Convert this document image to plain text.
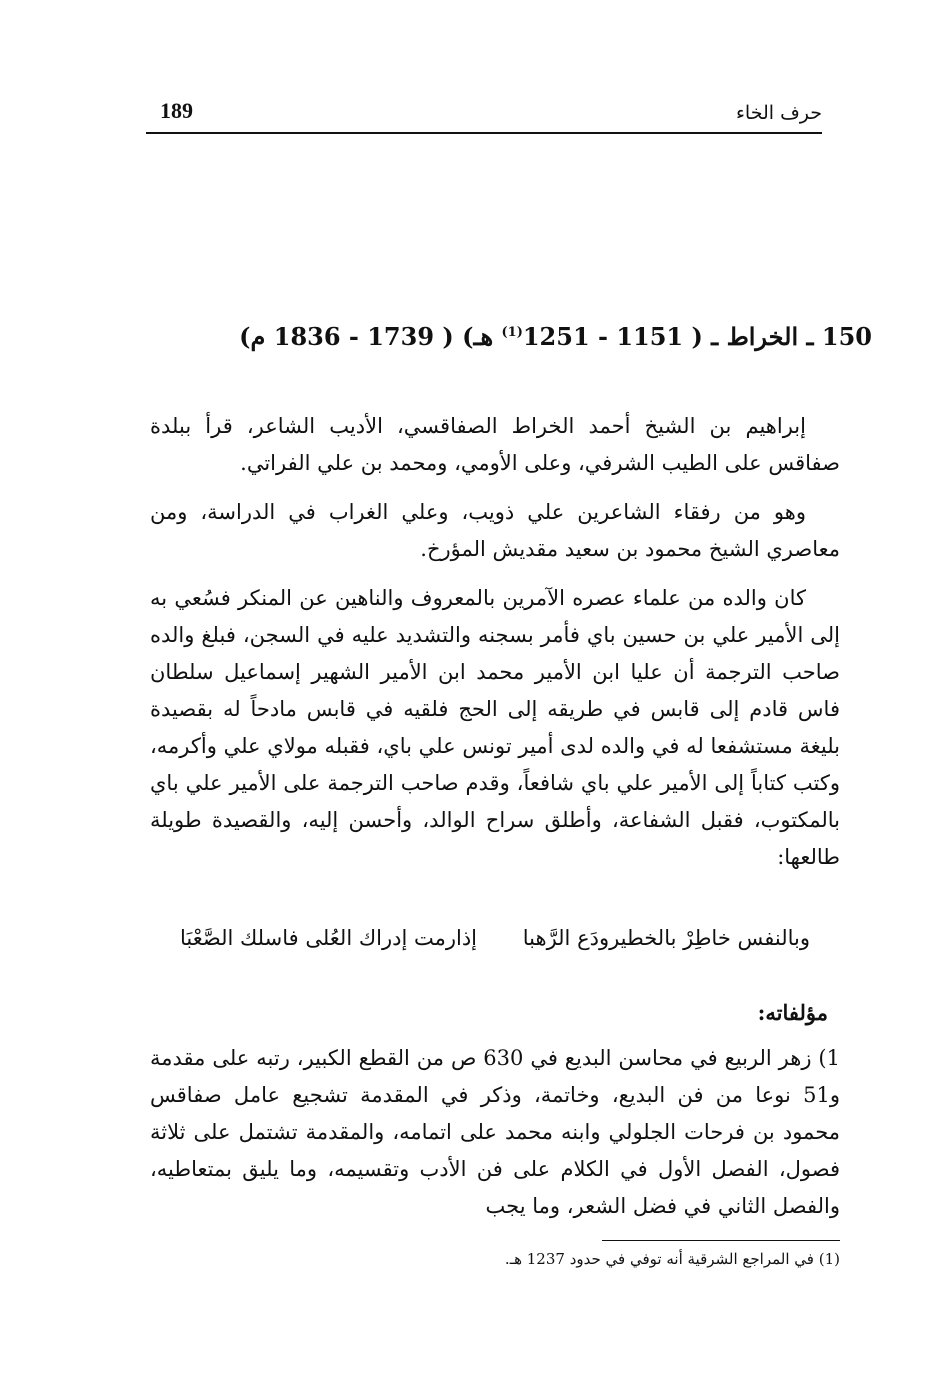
189	حرف الخاء
150 ـ الخراط ـ ( 1151 - 1251$^{(1)}$ هـ) ( 1739 - 1836 م)

إبراهيم بن الشيخ أحمد الخراط الصفاقسي، الأديب الشاعر، قرأ ببلدة صفاقس على الطيب الشرفي، وعلى الأومي، ومحمد بن علي الفراتي.

وهو من رفقاء الشاعرين علي ذويب، وعلي الغراب في الدراسة، ومن معاصري الشيخ محمود بن سعيد مقديش المؤرخ.

كان والده من علماء عصره الآمرين بالمعروف والناهين عن المنكر فسُعي به إلى الأمير علي بن حسين باي فأمر بسجنه والتشديد عليه في السجن، فبلغ والده صاحب الترجمة أن عليا ابن الأمير محمد ابن الأمير الشهير إسماعيل سلطان فاس قادم إلى قابس في طريقه إلى الحج فلقيه في قابس مادحاً له بقصيدة بليغة مستشفعا له في والده لدى أمير تونس علي باي، فقبله مولاي علي وأكرمه، وكتب كتاباً إلى الأمير علي باي شافعاً، وقدم صاحب الترجمة على الأمير علي باي بالمكتوب، فقبل الشفاعة، وأطلق سراح الوالد، وأحسن إليه، والقصيدة طويلة طالعها:

إذارمت إدراك العُلى فاسلك الصَّعْبَا وبالنفس خاطِرْ بالخطيرودَع الرَّهبا
مؤلفاته:
1) زهر الربيع في محاسن البديع في 630 ص من القطع الكبير، رتبه على مقدمة و51 نوعا من فن البديع، وخاتمة، وذكر في المقدمة تشجيع عامل صفاقس محمود بن فرحات الجلولي وابنه محمد على اتمامه، والمقدمة تشتمل على ثلاثة فصول، الفصل الأول في الكلام على فن الأدب وتقسيمه، وما يليق بمتعاطيه، والفصل الثاني في فضل الشعر، وما يجب
(1) في المراجع الشرقية أنه توفي في حدود 1237 هـ.
